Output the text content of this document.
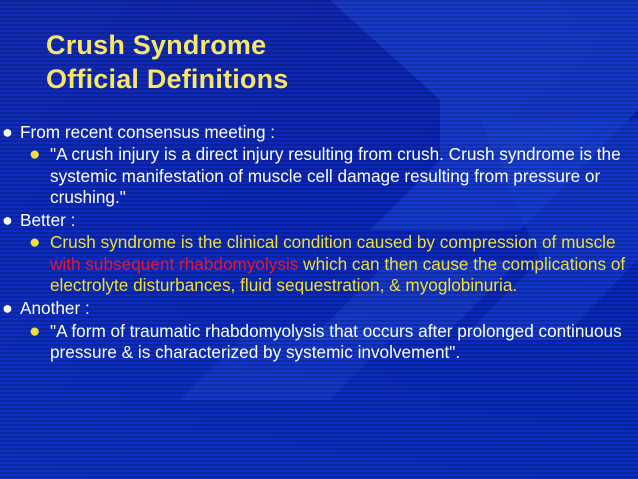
Crush Syndrome
Official Definitions
● From recent consensus meeting :
● "A crush injury is a direct injury resulting from crush. Crush syndrome is the systemic manifestation of muscle cell damage resulting from pressure or crushing."
● Better :
● Crush syndrome is the clinical condition caused by compression of muscle with subsequent rhabdomyolysis which can then cause the complications of electrolyte disturbances, fluid sequestration, & myoglobinuria.
● Another :
● "A form of traumatic rhabdomyolysis that occurs after prolonged continuous pressure & is characterized by systemic involvement".
